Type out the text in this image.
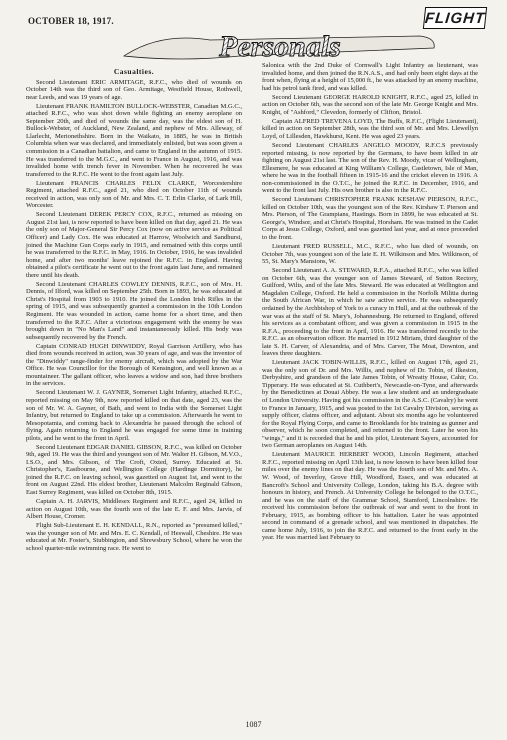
OCTOBER 18, 1917.
Personals
FLIGHT
Casualties.

Second Lieutenant ERIC ARMITAGE, R.F.C., who died of wounds on October 14th was the third son of Geo. Armitage, Westfield House, Rothwell, near Leeds, and was 19 years of age.

Lieutenant FRANK HAMILTON BULLOCK-WEBSTER, Canadian M.G.C., attached R.F.C., who was shot down while fighting an enemy aeroplane on September 20th, and died of wounds the same day, was the eldest son of H. Bullock-Webster, of Auckland, New Zealand, and nephew of Mrs. Alleway, of Llarlecht, Merionethshire. Born in the Waikato, in 1885, he was in British Columbia when war was declared, and immediately enlisted, but was soon given a commission in a Canadian battalion, and came to England in the autumn of 1915. He was transferred to the M.G.C., and went to France in August, 1916, and was invalided home with trench fever in November. When he recovered he was transferred to the R.F.C. He went to the front again last July.

Lieutenant FRANCIS CHARLES FELIX CLARKE, Worcestershire Regiment, attached R.F.C., aged 21, who died on October 11th of wounds received in action, was only son of Mr. and Mrs. C. T. Erlin Clarke, of Lark Hill, Worcester.

Second Lieutenant DEREK PERCY COX, R.F.C., returned as missing on August 21st last, is now reported to have been killed on that day, aged 21. He was the only son of Major-General Sir Percy Cox (now on active service as Political Officer) and Lady Cox. He was educated at Harrow, Woolwich and Sandhurst, joined the Machine Gun Corps early in 1915, and remained with this corps until he was transferred to the R.F.C. in May, 1916. In October, 1916, he was invalided home, and after two months' leave rejoined the R.F.C. in England. Having obtained a pilot's certificate he went out to the front again last June, and remained there until his death.

Second Lieutenant CHARLES COWLEY DENNIS, R.F.C., son of Mrs. H. Dennis, of Ilford, was killed on September 25th. Born in 1893, he was educated at Christ's Hospital from 1903 to 1910. He joined the London Irish Rifles in the spring of 1915, and was subsequently granted a commission in the 10th London Regiment. He was wounded in action, came home for a short time, and then transferred to the R.F.C. After a victorious engagement with the enemy he was brought down in "No Man's Land" and instantaneously killed. His body was subsequently recovered by the French.

Captain CONRAD HUGH DINWIDDY, Royal Garrison Artillery, who has died from wounds received in action, was 30 years of age, and was the inventor of the "Dinwiddy" range-finder for enemy aircraft, which was adopted by the War Office. He was Councillor for the Borough of Kensington, and well known as a mountaineer. The gallant officer, who leaves a widow and son, had three brothers in the services.

Second Lieutenant W. J. GAYNER, Somerset Light Infantry, attached R.F.C., reported missing on May 9th, now reported killed on that date, aged 23, was the son of Mr. W. A. Gayner, of Bath, and went to India with the Somerset Light Infantry, but returned to England to take up a commission. Afterwards he went to Mesopotamia, and coming back to Alexandria he passed through the school of flying. Again returning to England he was engaged for some time in training pilots, and he went to the front in April.

Second Lieutenant EDGAR DANIEL GIBSON, R.F.C., was killed on October 9th, aged 19. He was the third and youngest son of Mr. Walter H. Gibson, M.V.O., I.S.O., and Mrs. Gibson, of The Croft, Oxted, Surrey. Educated at St. Christopher's, Eastbourne, and Wellington College (Hardinge Dormitory), he joined the R.F.C. on leaving school, was gazetted on August 1st, and went to the front on August 22nd. His eldest brother, Lieutenant Malcolm Reginald Gibson, East Surrey Regiment, was killed on October 8th, 1915.

Captain A. H. JARVIS, Middlesex Regiment and R.F.C., aged 24, killed in action on August 10th, was the fourth son of the late E. F. and Mrs. Jarvis, of Albert House, Cromer.

Flight Sub-Lieutenant E. H. KENDALL, R.N., reported as "presumed killed," was the younger son of Mr. and Mrs. E. C. Kendall, of Heswall, Cheshire. He was educated at Mr. Foster's, Stubbington, and Shrewsbury School, where he won the school quarter-mile swimming race. He went to

Salonica with the 2nd Duke of Cornwall's Light Infantry as lieutenant, was invalided home, and then joined the R.N.A.S., and had only been eight days at the front when, flying at a height of 15,000 ft., he was attacked by an enemy machine, had his petrol tank fired, and was killed.

Second Lieutenant GEORGE HAROLD KNIGHT, R.F.C., aged 25, killed in action on October 6th, was the second son of the late Mr. George Knight and Mrs. Knight, of "Ashford," Clevedon, formerly of Clifton, Bristol.

Captain ALFRED TREVENA LOYD, The Buffs, R.F.C., (Flight Lieutenant), killed in action on September 28th, was the third son of Mr. and Mrs. Llewellyn Loyd, of Lillesden, Hawkhurst, Kent. He was aged 23 years.

Second Lieutenant CHARLES ANGELO MOODY, R.F.C.S previously reported missing, is now reported by the Germans, to have been killed in air fighting on August 21st last. The son of the Rev. H. Moody, vicar of Wellingham, Ellesmere, he was educated at King William's College, Castletown, Isle of Man, where he was in the football fifteen in 1915-16 and the cricket eleven in 1916. A non-commissioned in the O.T.C., he joined the R.F.C. in December, 1916, and went to the front last July. His own brother is also in the R.F.C.

Second Lieutenant CHRISTOPHER FRANK KESHAW PIERSON, R.F.C., killed on October 10th, was the youngest son of the Rev. Kirshaw T. Pierson and Mrs. Pierson, of The Grampians, Hastings. Born in 1899, he was educated at St. George's, Windsor, and at Christ's Hospital, Horsham. He was trained in the Cadet Corps at Jesus College, Oxford, and was gazetted last year, and at once proceeded to the front.

Lieutenant FRED RUSSELL, M.C., R.F.C., who has died of wounds, on October 7th, was youngest son of the late E. H. Wilkinson and Mrs. Wilkinson, of 55, St. Mary's Mansions, W.

Second Lieutenant A. A. STEWARD, R.F.A., attached R.F.C., who was killed on October 6th, was the younger son of James Steward, of Sutton Rectory, Guilford, Wilts, and of the late Mrs. Steward. He was educated at Wellington and Magdalen College, Oxford. He held a commission in the Norfolk Militia during the South African War, in which he saw active service. He was subsequently ordained by the Archbishop of York to a curacy in Hull, and at the outbreak of the war was at the staff of St. Mary's, Johannesburg. He returned to England, offered his services as a combatant officer, and was given a commission in 1915 in the R.F.A., proceeding to the front in April, 1916. He was transferred recently to the R.F.C. as an observation officer. He married in 1912 Miriam, third daughter of the late S. H. Carver, of Alexandria, and of Mrs. Carver, The Moat, Downton, and leaves three daughters.

Lieutenant JACK TOBIN-WILLIS, R.F.C., killed on August 17th, aged 21, was the only son of Dr. and Mrs. Willis, and nephew of Dr. Tobin, of Ilkeston, Derbyshire, and grandson of the late James Tobin, of Wreatty House, Cahir, Co. Tipperary. He was educated at St. Cuthbert's, Newcastle-on-Tyne, and afterwards by the Benedictines at Douai Abbey. He was a law student and an undergraduate of London University. Having got his commission in the A.S.C. (Cavalry) he went to France in January, 1915, and was posted to the 1st Cavalry Division, serving as supply officer, claims officer, and adjutant. About six months ago he volunteered for the Royal Flying Corps, and came to Brooklands for his training as gunner and observer, which he soon completed, and returned to the front. Later he won his "wings," and it is recorded that he and his pilot, Lieutenant Sayers, accounted for two German aeroplanes on August 14th.

Lieutenant MAURICE HERBERT WOOD, Lincoln Regiment, attached R.F.C., reported missing on April 13th last, is now known to have been killed four miles over the enemy lines on that day. He was the fourth son of Mr. and Mrs. A. W. Wood, of Inverloy, Grove Hill, Woodford, Essex, and was educated at Bancroft's School and University College, London, taking his B.A. degree with honours in history, and French. At University College he belonged to the O.T.C., and he was on the staff of the Grammar School, Stamford, Lincolnshire. He received his commission before the outbreak of war and went to the front in February, 1915, as bombing officer to his battalion. Later he was appointed second in command of a grenade school, and was mentioned in dispatches. He came home July, 1916, to join the R.F.C. and returned to the front early in the year. He was married last February to

1087
